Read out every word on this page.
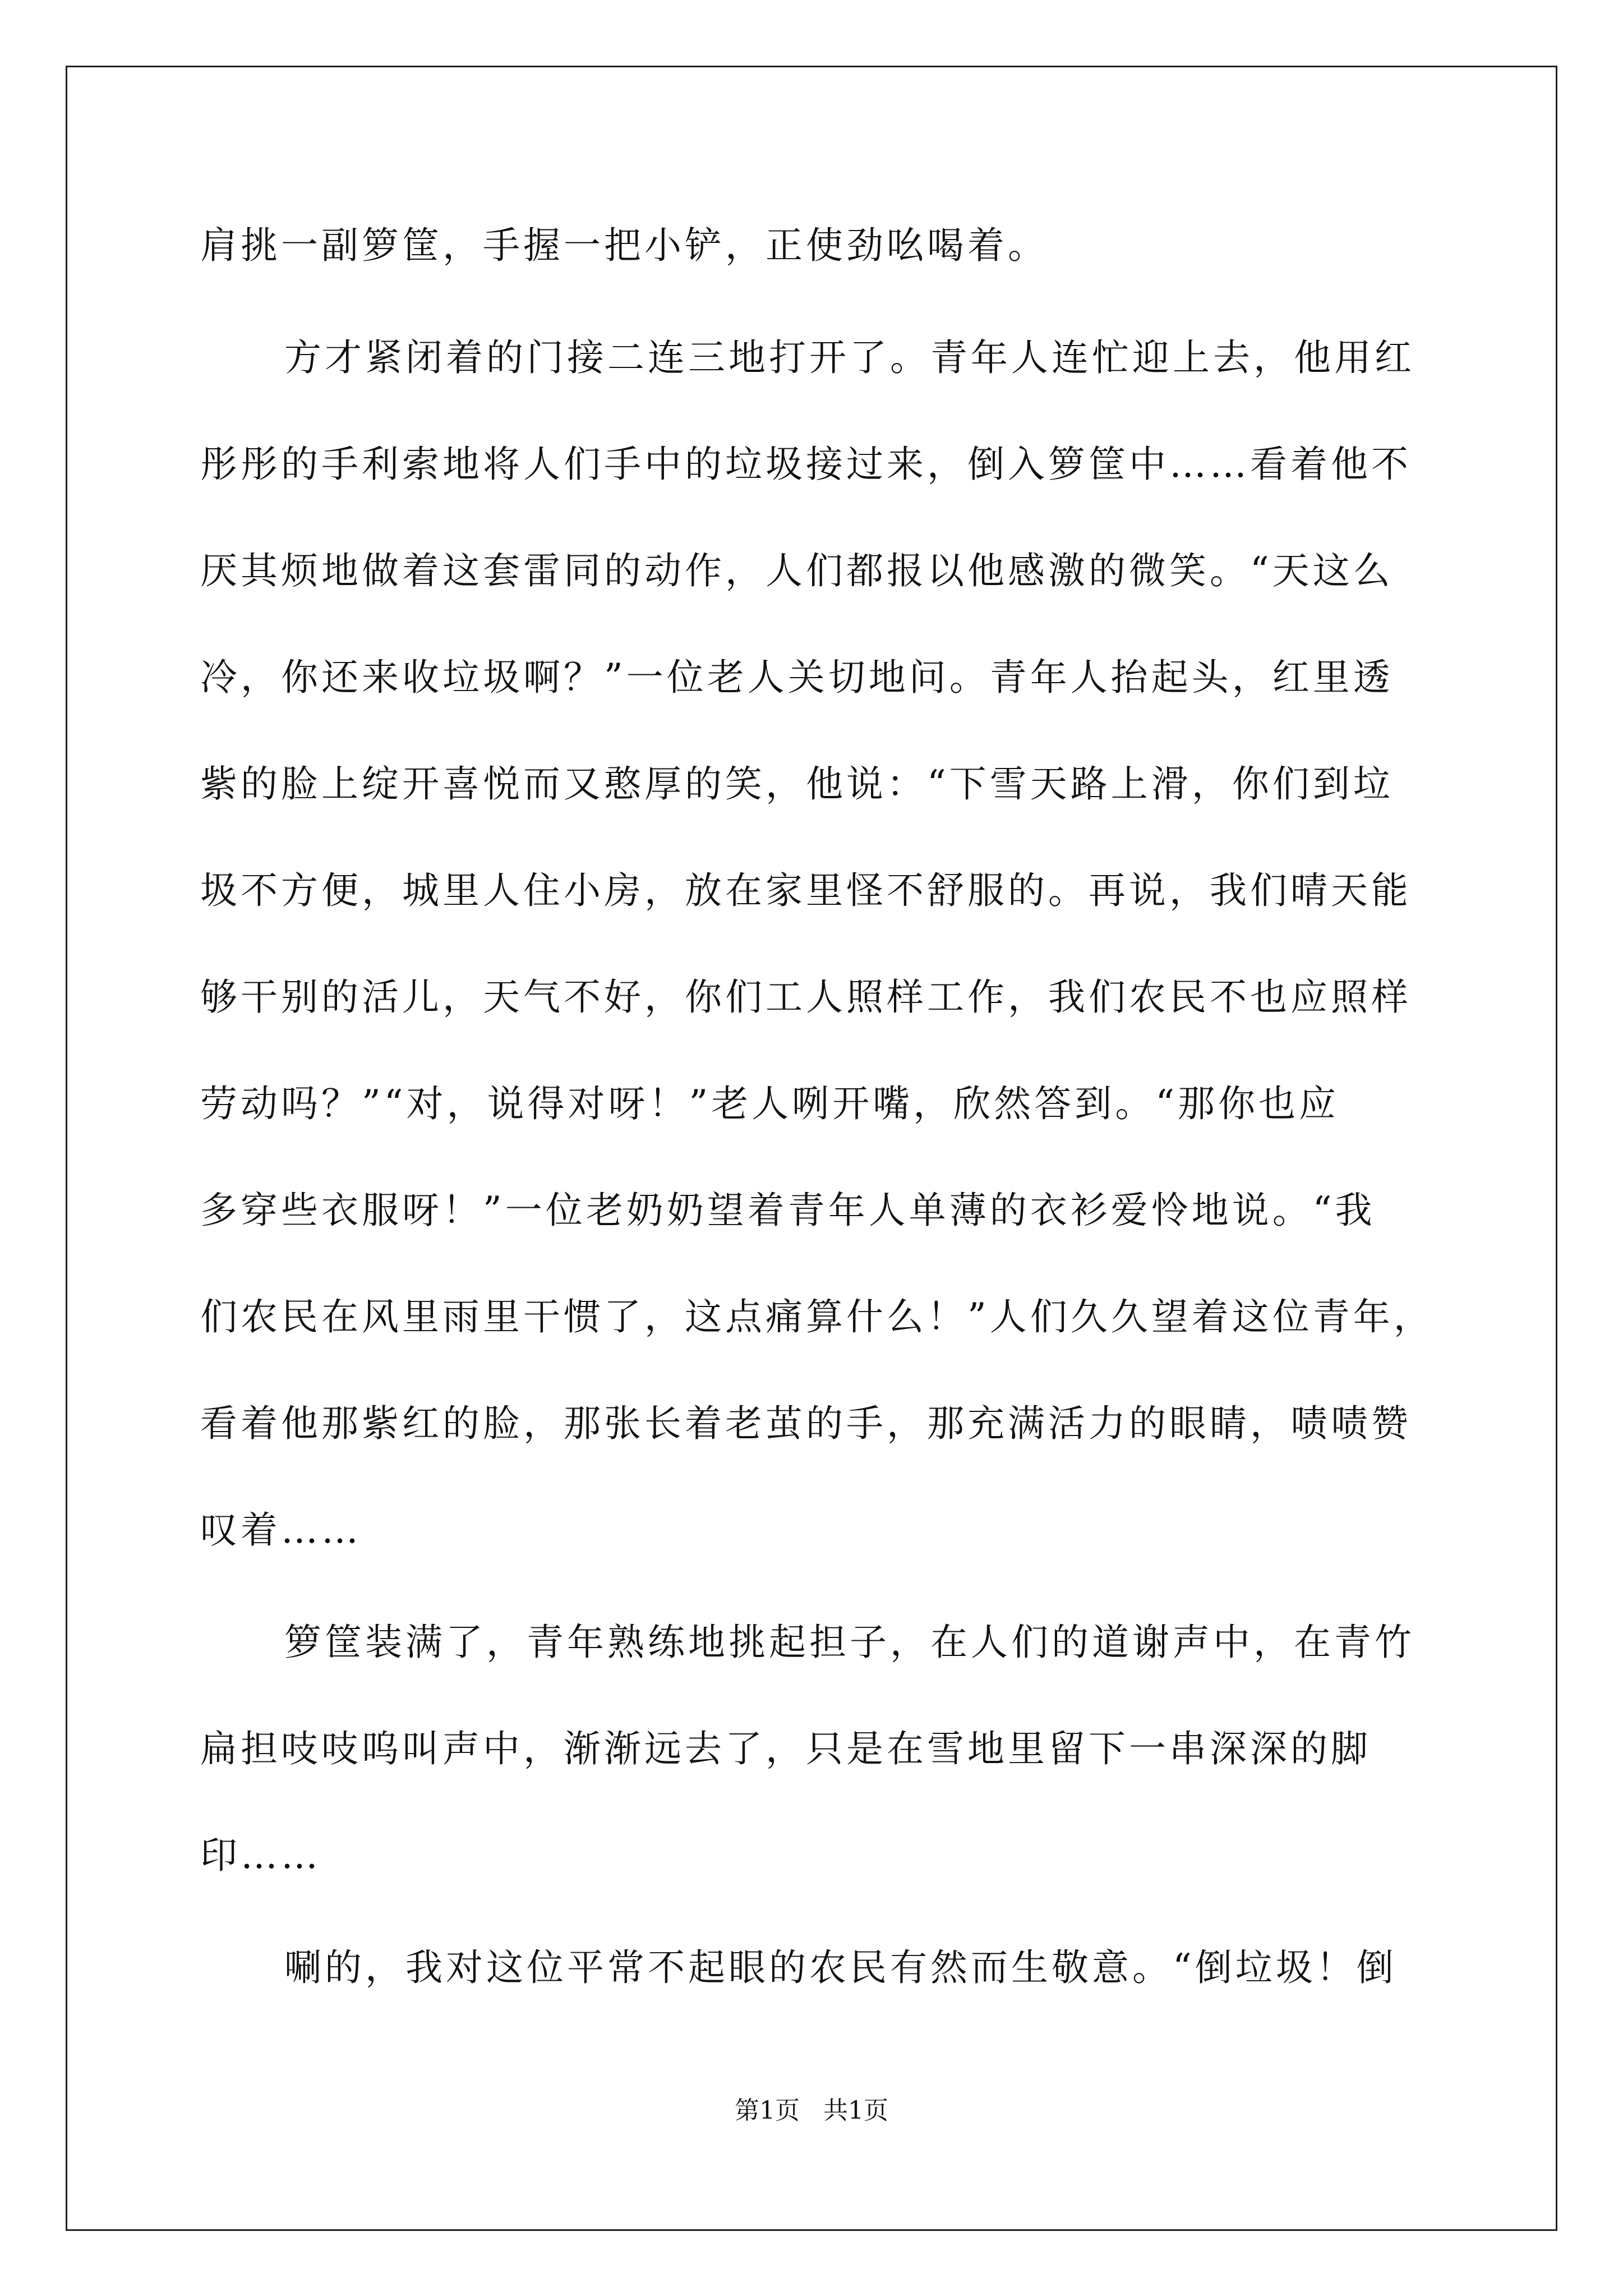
肩挑一副箩筐，手握一把小铲，正使劲吆喝着。
方才紧闭着的门接二连三地打开了。青年人连忙迎上去，他用红
彤彤的手利索地将人们手中的垃圾接过来，倒入箩筐中……看着他不
厌其烦地做着这套雷同的动作，人们都报以他感激的微笑。“天这么
冷，你还来收垃圾啊？”一位老人关切地问。青年人抬起头，红里透
紫的脸上绽开喜悦而又憨厚的笑，他说：“下雪天路上滑，你们到垃
圾不方便，城里人住小房，放在家里怪不舒服的。再说，我们晴天能
够干别的活儿，天气不好，你们工人照样工作，我们农民不也应照样
劳动吗？”“对，说得对呀！”老人咧开嘴，欣然答到。“那你也应
多穿些衣服呀！”一位老奶奶望着青年人单薄的衣衫爱怜地说。“我
们农民在风里雨里干惯了，这点痛算什么！”人们久久望着这位青年，
看着他那紫红的脸，那张长着老茧的手，那充满活力的眼睛，啧啧赞
叹着……
箩筐装满了，青年熟练地挑起担子，在人们的道谢声中，在青竹
扁担吱吱呜叫声中，渐渐远去了，只是在雪地里留下一串深深的脚
印……
唰的，我对这位平常不起眼的农民有然而生敬意。“倒垃圾！倒
第1页   共1页
